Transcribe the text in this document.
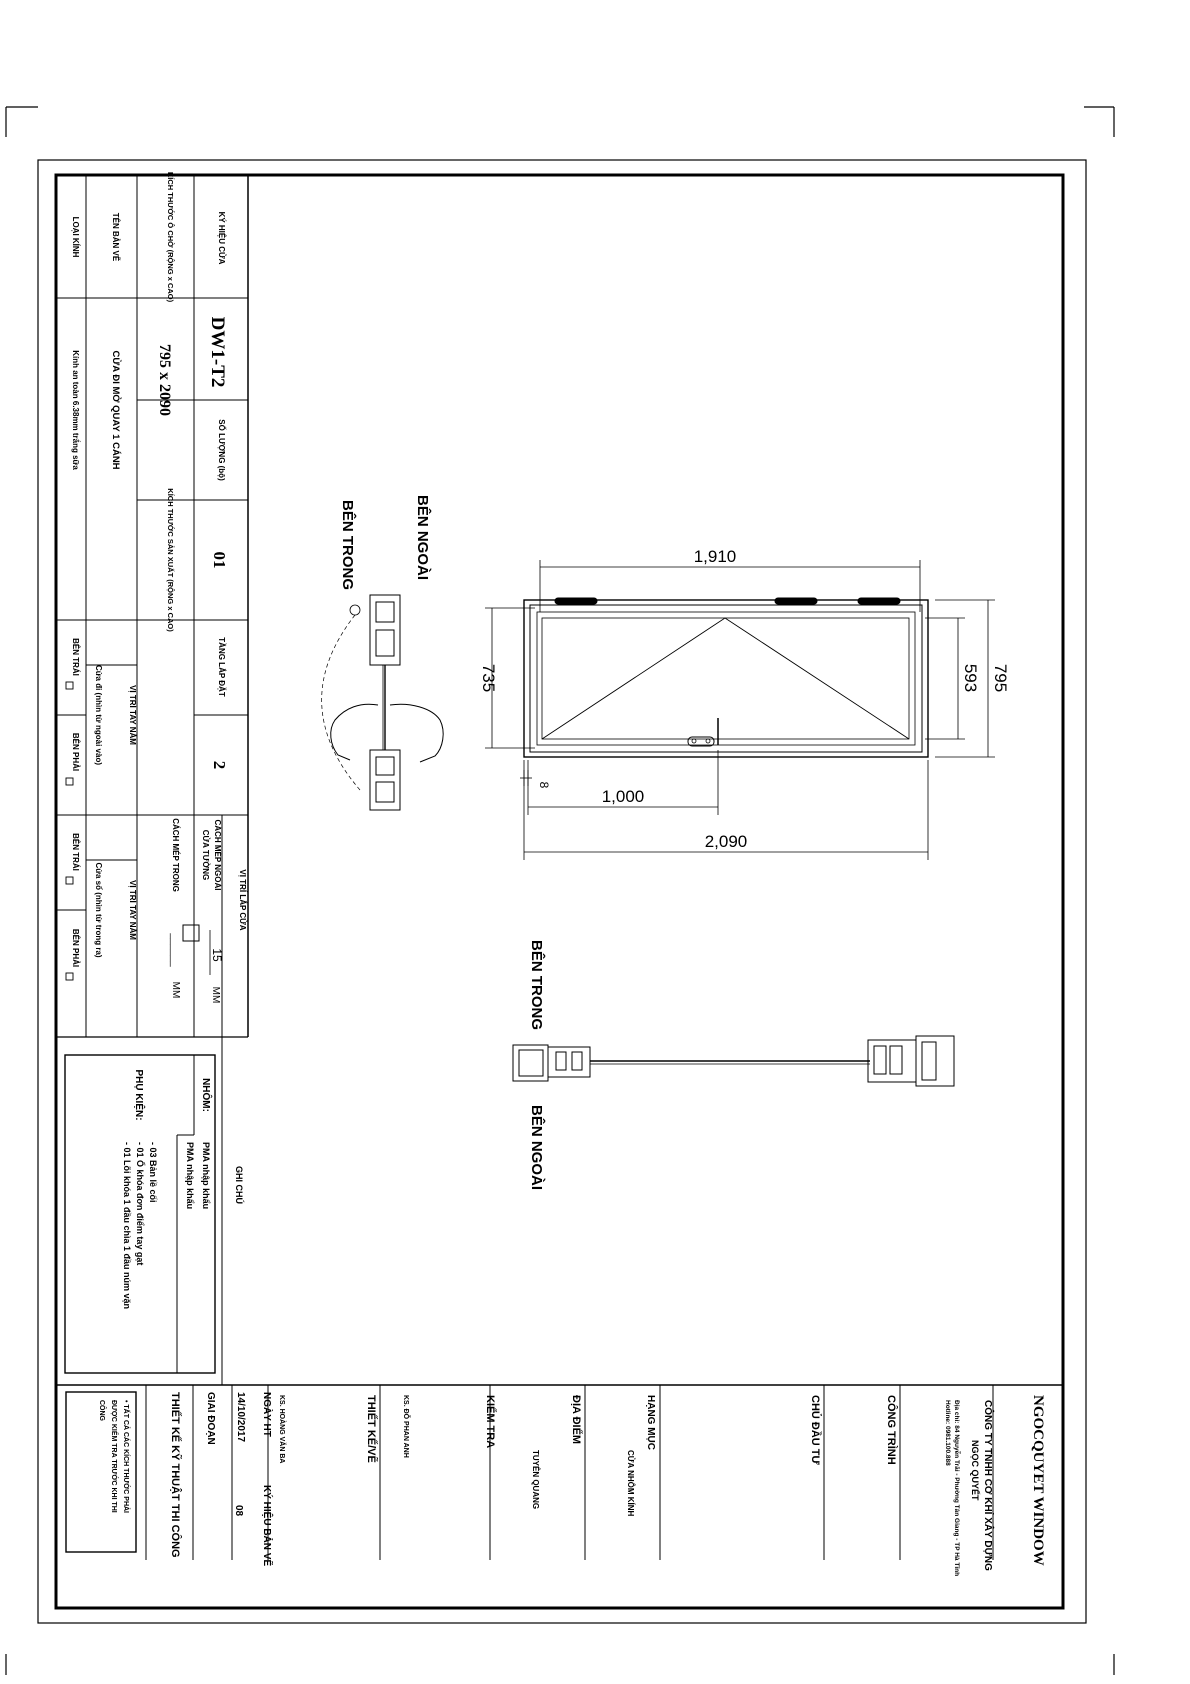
KÝ HIỆU CỬA
DW1-T2
SỐ LƯỢNG (bộ)
01
TẦNG LẮP ĐẶT
2
VỊ TRÍ LẮP CỬA
KÍCH THƯỚC Ô CHỜ (RỘNG x CAO)
795 x 2090
KÍCH THƯỚC SẢN XUẤT (RỘNG x CAO)
CÁCH MÉP NGOÀI
15
MM
CỬA TƯỜNG
CÁCH MÉP TRONG
______
MM
TÊN BẢN VẼ
CỬA ĐI MỞ QUAY 1 CÁNH
VỊ TRÍ TAY NẮM
Cửa đi (nhìn từ ngoài vào)
VỊ TRÍ TAY NẮM
Cửa sổ (nhìn từ trong ra)
BÊN TRÁI
BÊN PHẢI
BÊN TRÁI
BÊN PHẢI
LOẠI KÍNH
Kính an toàn 6.38mm trắng sữa
GHI CHÚ
NHÔM:
PMA nhập khẩu
PMA nhập khẩu
PHỤ KIỆN:
- 03 Bản lề cối
- 01 Ổ khóa đơn điểm tay gạt
- 01 Lõi khóa 1 đầu chìa 1 đầu núm vặn
NGOCQUYET WINDOW
CÔNG TY TNHH CƠ KHÍ XÂY DỰNG
NGỌC QUYẾT
Địa chỉ: 84 Nguyễn Trãi - Phường Tân Giang - TP Hà Tĩnh
Hotline: 0981.100.888
CÔNG TRÌNH
CHỦ ĐẦU TƯ
HẠNG MỤC
CỬA NHÔM KÍNH
ĐỊA ĐIỂM
TUYÊN QUANG
KIỂM TRA
KS. ĐỖ PHAN ANH
THIẾT KẾ/VẼ
KS. HOÀNG VĂN BA
NGÀY HT
KÝ HIỆU BẢN VẼ
14/10/2017
08
GIAI ĐOẠN
THIẾT KẾ KỸ THUẬT THI CÔNG
• TẤT CẢ CÁC KÍCH THƯỚC PHẢI
ĐƯỢC KIỂM TRA TRƯỚC KHI THI
CÔNG
1,910
735	593 795
8
1,000
2,090
BÊN NGOÀI
BÊN TRONG
BÊN TRONG
BÊN NGOÀI
